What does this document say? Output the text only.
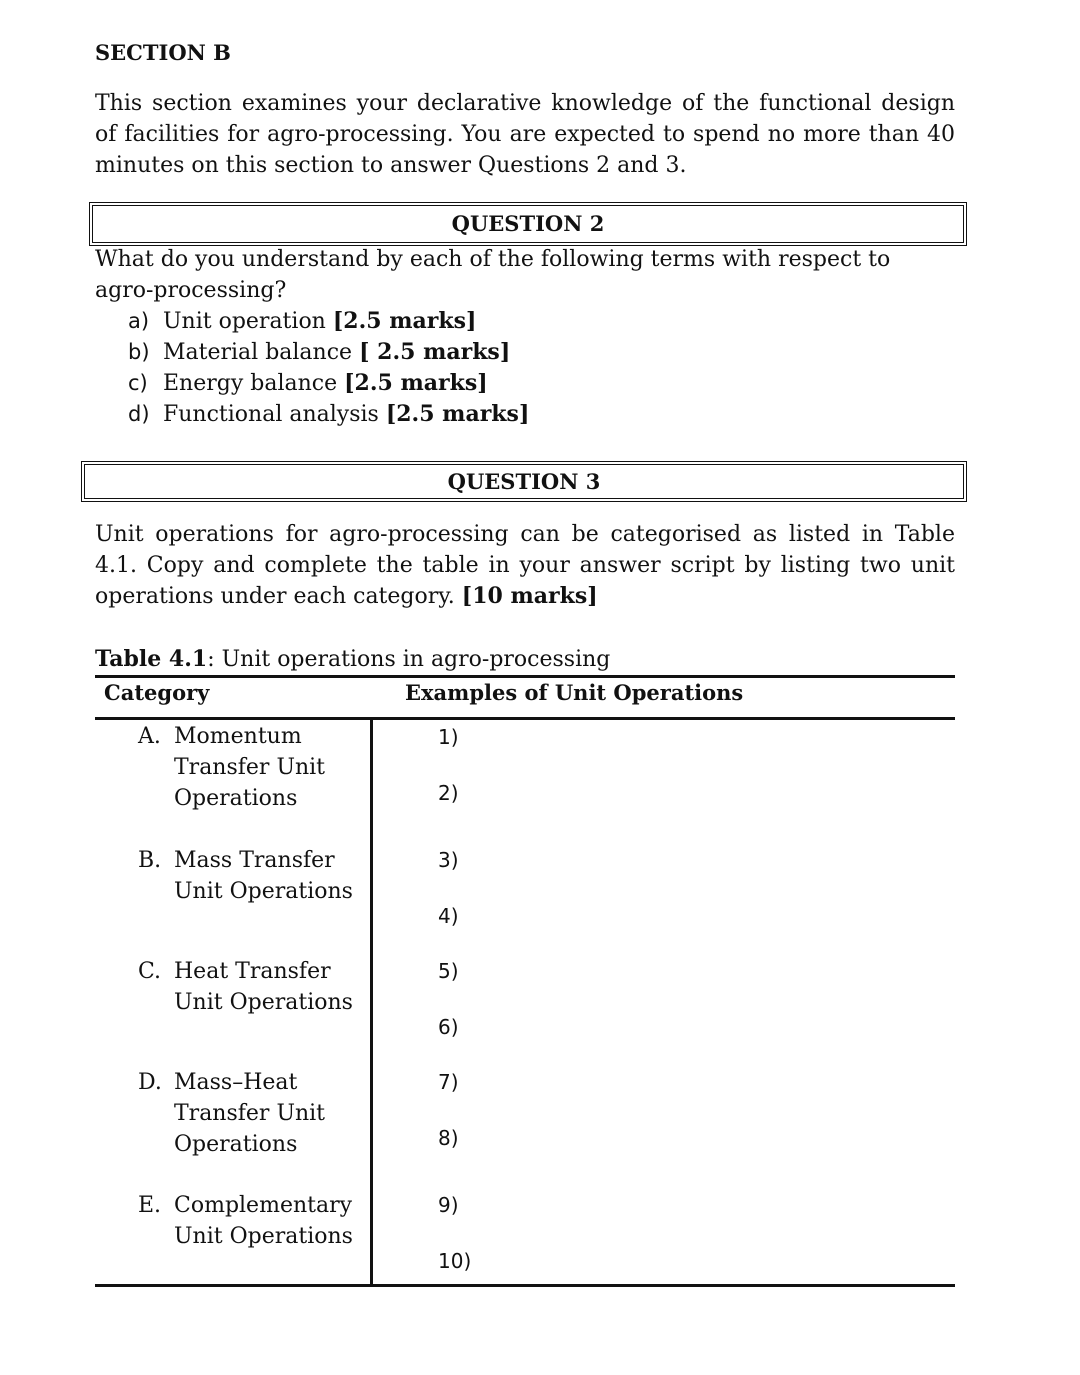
SECTION B
This section examines your declarative knowledge of the functional design of facilities for agro-processing. You are expected to spend no more than 40 minutes on this section to answer Questions 2 and 3.
QUESTION 2
What do you understand by each of the following terms with respect to agro-processing?
a) Unit operation [2.5 marks]
b) Material balance [ 2.5 marks]
c) Energy balance [2.5 marks]
d) Functional analysis [2.5 marks]
QUESTION 3
Unit operations for agro-processing can be categorised as listed in Table 4.1. Copy and complete the table in your answer script by listing two unit operations under each category. [10 marks]
Table 4.1: Unit operations in agro-processing
Category	Examples of Unit Operations
A. Momentum
Transfer Unit
Operations
1)
2)
B. Mass Transfer
Unit Operations
3)
4)
C. Heat Transfer
Unit Operations
5)
6)
D. Mass–Heat
Transfer Unit
Operations
7)
8)
E. Complementary
Unit Operations
9)
10)
